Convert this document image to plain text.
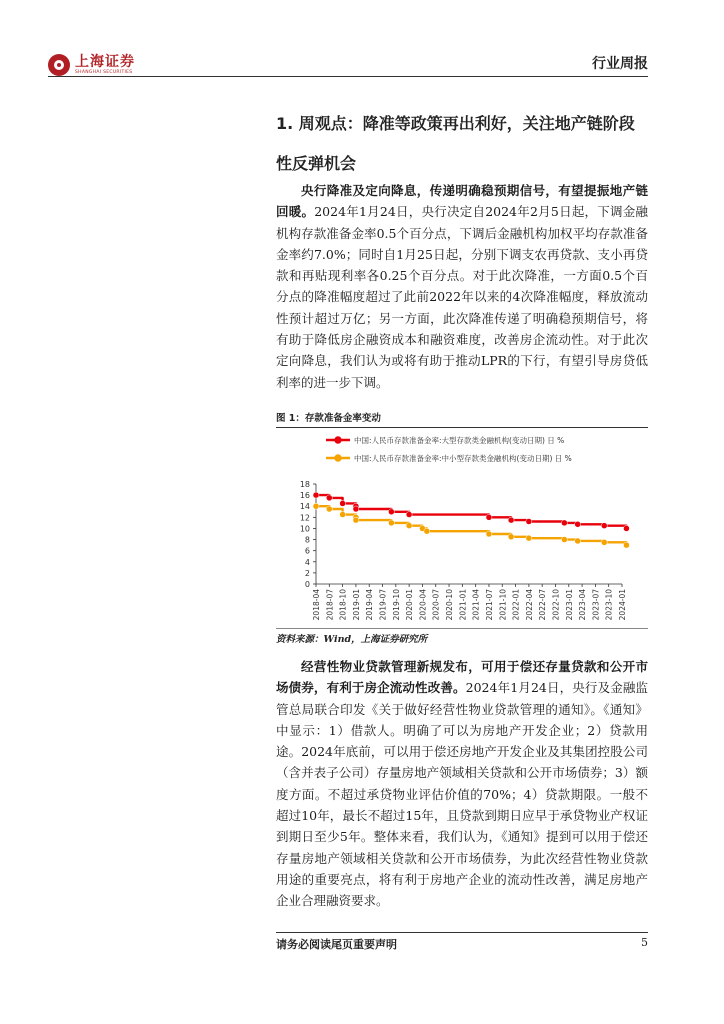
上海证券
SHANGHAI SECURITIES
行业周报
1. 周观点：降准等政策再出利好，关注地产链阶段性反弹机会

央行降准及定向降息，传递明确稳预期信号，有望提振地产链回暖。2024年1月24日，央行决定自2024年2月5日起，下调金融机构存款准备金率0.5个百分点，下调后金融机构加权平均存款准备金率约7.0%；同时自1月25日起，分别下调支农再贷款、支小再贷款和再贴现利率各0.25个百分点。对于此次降准，一方面0.5个百分点的降准幅度超过了此前2022年以来的4次降准幅度，释放流动性预计超过万亿；另一方面，此次降准传递了明确稳预期信号，将有助于降低房企融资成本和融资难度，改善房企流动性。对于此次定向降息，我们认为或将有助于推动LPR的下行，有望引导房贷低利率的进一步下调。

图 1：存款准备金率变动
0
2
4
6
8
10
12
14
16
18
2018-04 2018-07 2018-10 2019-01 2019-04 2019-07 2019-10 2020-01 2020-04 2020-07 2020-10 2021-01 2021-04 2021-07 2021-10 2022-01 2022-04 2022-07 2022-10 2023-01 2023-04 2023-07 2023-10 2024-01
中国:人民币存款准备金率:大型存款类金融机构(变动日期) 日 %
中国:人民币存款准备金率:中小型存款类金融机构(变动日期) 日 %
资料来源：Wind，上海证券研究所

经营性物业贷款管理新规发布，可用于偿还存量贷款和公开市场债券，有利于房企流动性改善。2024年1月24日，央行及金融监管总局联合印发《关于做好经营性物业贷款管理的通知》。《通知》中显示：1）借款人。明确了可以为房地产开发企业；2）贷款用途。2024年底前，可以用于偿还房地产开发企业及其集团控股公司（含并表子公司）存量房地产领域相关贷款和公开市场债券；3）额度方面。不超过承贷物业评估价值的70%；4）贷款期限。一般不超过10年，最长不超过15年，且贷款到期日应早于承贷物业产权证到期日至少5年。整体来看，我们认为，《通知》提到可以用于偿还存量房地产领域相关贷款和公开市场债券，为此次经营性物业贷款用途的重要亮点，将有利于房地产企业的流动性改善，满足房地产企业合理融资要求。

请务必阅读尾页重要声明	5
